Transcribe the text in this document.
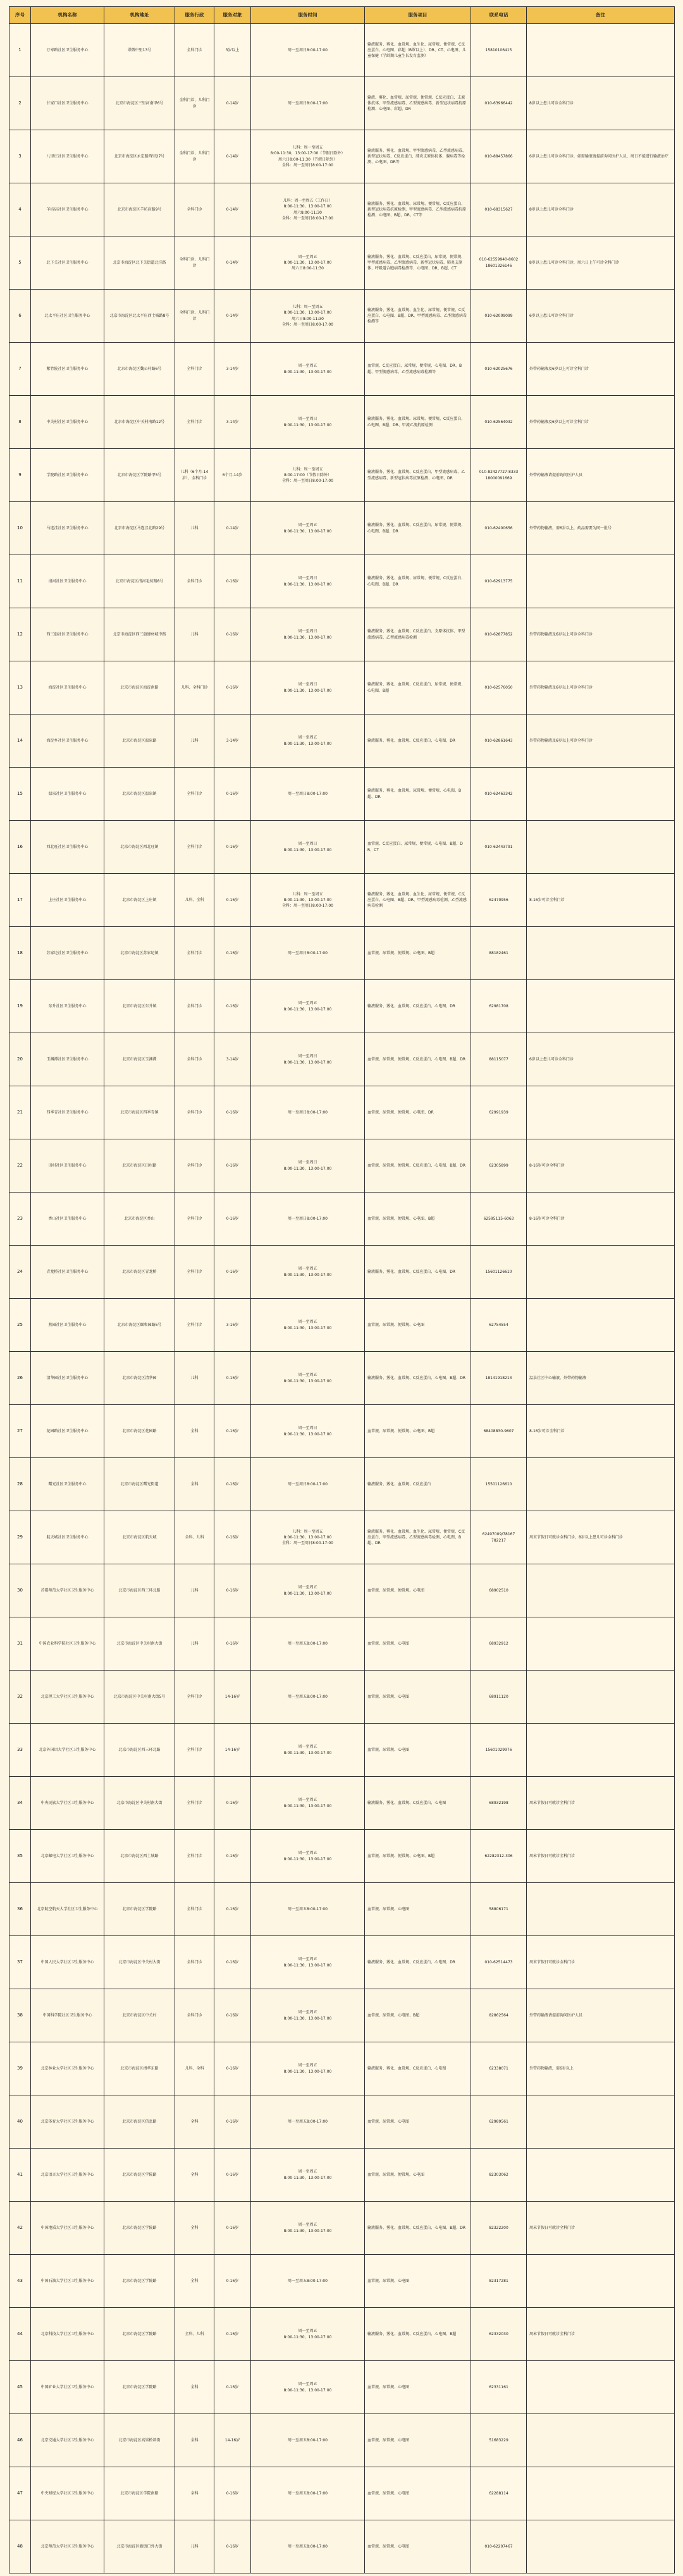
序号	机构名称	机构地址	服务行政	服务对象	服务时间	服务项目	联系电话	备注
1	万寿路社区卫生服务中心	翠微中里13号	全科门诊	3岁以上	周一至周日8:00-17:00	输液服务、雾化、血常规、血生化、尿常规、便常规、C反应蛋白、心电图、彩超（B罩以上）、DR、CT、心电图、儿童保健（学龄期儿童生长发育监测）	15810106415	
2	甘家口社区卫生服务中心	北京市海淀区三里河南甲6号	全科门诊、儿科门诊	0-14岁	周一至周日8:00-17:00	输液、雾化、血常规、尿常规、便常规、C反应蛋白、支原体抗体、甲型流感病毒、乙型流感病毒、新型冠状病毒抗原检测、心电图、彩超、DR	010-63966442	8岁以上患儿可诊全科门诊
3	八里庄社区卫生服务中心	北京市海淀区永定路西里27号	全科门诊、儿科门诊	0-14岁	儿科：周一至周五
8:00-11:30，13:00-17:00（节假日除外）
周六日8:00-11:30（节假日除外）
全科：周一至周日8:00-17:00	输液服务、雾化、血常规、甲型流感病毒、乙型流感病毒、新型冠状病毒、C反应蛋白、肺炎支原体抗体、腺病毒等检测、心电图、DR等	010-88457866	6岁以上患儿可诊全科门诊，如需输液请提前询问医护人员，周日不能进行输液治疗
4	羊坊店社区卫生服务中心	北京市海淀区羊坊店路9号	全科门诊	0-14岁	儿科：周一至周五（工作日）
8:00-11:30，13:00-17:00
周六8:00-11:30
全科：周一至周日8:00-17:00	输液服务、雾化、血常规、尿常规、便常规、C反应蛋白、新型冠状病毒抗原检测、甲型流感病毒、乙型流感病毒抗原检测、心电图、B超、DR、CT等	010-68315627	8岁以上患儿可诊全科门诊
5	北下关社区卫生服务中心	北京市海淀区北下关街道北洼路	全科门诊、儿科门诊	0-14岁	周一至周五
8:00-11:30，13:00-17:00
周六日8:00-11:30	输液服务、雾化、血常规、C反应蛋白、尿常规、便常规、甲型流感病毒、乙型流感病毒、新型冠状病毒、肺炎支原体、呼吸道合胞病毒检测等、心电图、DR、B超、CT	010-62559940-8602
18601326146	8岁以上患儿可诊全科门诊，周六日上午可诊全科门诊
6	北太平庄社区卫生服务中心	北京市海淀区北太平庄西土城路8号	全科门诊、儿科门诊	0-14岁	儿科：周一至周五
8:00-11:30，13:00-17:00
周六日8:00-11:30
全科：周一至周日8:00-17:00	输液服务、雾化、血常规、血生化、尿常规、便常规、C反应蛋白、心电图、B超、DR、甲型流感病毒、乙型流感病毒检测等	010-62009099	6岁以上患儿可诊全科门诊
7	紫竹院社区卫生服务中心	北京市海淀区魏公村路6号	全科门诊	3-14岁	周一至周五
8:00-11:30，13:00-17:00	血常规、C反应蛋白、尿常规、便常规、心电图、DR、B超、甲型流感病毒、乙型流感病毒检测等	010-62025676	外带药输液及6岁以上可诊全科门诊
8	中关村社区卫生服务中心	北京市海淀区中关村南路12号	全科门诊	3-14岁	周一至周日
8:00-11:30，13:00-17:00	输液服务、雾化、血常规、尿常规、便常规、C反应蛋白、心电图、B超、DR、甲流乙流抗原检测	010-62564032	外带药输液及6岁以上可诊全科门诊
9	学院路社区卫生服务中心	北京市海淀区学院路甲5号	儿科（6个月-14岁）、全科门诊	6个月-14岁	儿科：周一至周五
8:00-17:00（节假日除外）
全科：周一至周日8:00-17:00	输液服务、雾化、血常规、C反应蛋白、甲型流感病毒、乙型流感病毒、新型冠状病毒抗原检测、心电图、DR	010-82427727-8333
18000091669	外带药输液请提前询问医护人员
10	马连洼社区卫生服务中心	北京市海淀区马连洼北路29号	儿科	0-14岁	周一至周五
8:00-11:30，13:00-17:00	输液服务、雾化、血常规、C反应蛋白、尿常规、便常规、心电图、B超、DR	010-62400656	外带药物输液，需6岁以上，药品需要为同一批号
11	清河社区卫生服务中心	北京市海淀区清河毛纺路8号	全科门诊	0-16岁	周一至周日
8:00-11:30，13:00-17:00	输液服务、雾化、血常规、尿常规、便常规、C反应蛋白、心电图、B超、DR	010-62913775	
12	西三旗社区卫生服务中心	北京市海淀区西三旗建材城中路	儿科	0-16岁	周一至周日
8:00-11:30，13:00-17:00	输液服务、雾化、血常规、C反应蛋白、支原体抗体、甲型流感病毒、乙型流感病毒检测	010-62877852	外带药物输液及6岁以上可诊全科门诊
13	海淀社区卫生服务中心	北京市海淀区海淀南路	儿科、全科门诊	0-16岁	周一至周日
8:00-11:30，13:00-17:00	输液服务、雾化、血常规、C反应蛋白、尿常规、便常规、心电图、B超	010-62576050	外带药物输液及6岁以上可诊全科门诊
14	海淀乡社区卫生服务中心	北京市海淀区温泉路	儿科	3-14岁	周一至周五
8:00-11:30，13:00-17:00	输液服务、雾化、血常规、C反应蛋白、心电图、DR	010-62861643	外带药物输液及6岁以上可诊全科门诊
15	温泉社区卫生服务中心	北京市海淀区温泉镇	全科门诊	0-16岁	周一至周日8:00-17:00	输液服务、雾化、血常规、尿常规、便常规、心电图、B超、DR	010-62463342	
16	西北旺社区卫生服务中心	北京市海淀区西北旺镇	全科门诊	0-16岁	周一至周日
8:00-11:30，13:00-17:00	血常规、C反应蛋白、尿常规、便常规、心电图、B超、DR、CT	010-62443791	
17	上庄社区卫生服务中心	北京市海淀区上庄镇	儿科、全科	0-16岁	儿科：周一至周五
8:00-11:30，13:00-17:00
全科：周一至周日8:00-17:00	输液服务、雾化、血常规、血生化、尿常规、便常规、C反应蛋白、心电图、B超、DR、甲型流感病毒检测、乙型流感病毒检测	62470956	8-16岁可诊全科门诊
18	苏家坨社区卫生服务中心	北京市海淀区苏家坨镇	全科门诊	0-16岁	周一至周日8:00-17:00	血常规、尿常规、便常规、心电图、B超	88182461	
19	东升社区卫生服务中心	北京市海淀区东升镇	全科门诊	0-16岁	周一至周五
8:00-11:30，13:00-17:00	输液服务、雾化、血常规、C反应蛋白、心电图、DR	62981708	
20	玉渊潭社区卫生服务中心	北京市海淀区玉渊潭	全科门诊	3-14岁	周一至周日
8:00-11:30，13:00-17:00	血常规、尿常规、便常规、C反应蛋白、心电图、B超、DR	88115077	6岁以上患儿可诊全科门诊
21	四季青社区卫生服务中心	北京市海淀区四季青镇	全科门诊	0-16岁	周一至周日8:00-17:00	血常规、尿常规、便常规、心电图、DR	62991939	
22	田村社区卫生服务中心	北京市海淀区田村路	全科门诊	0-16岁	周一至周日
8:00-11:30，13:00-17:00	血常规、尿常规、便常规、C反应蛋白、心电图、B超、DR	62305899	8-16岁可诊全科门诊
23	香山社区卫生服务中心	北京市海淀区香山	全科门诊	0-16岁	周一至周日8:00-17:00	血常规、尿常规、便常规、心电图、B超	62595115-6063	8-16岁可诊全科门诊
24	青龙桥社区卫生服务中心	北京市海淀区青龙桥	全科门诊	0-16岁	周一至周五
8:00-11:30，13:00-17:00	输液服务、雾化、血常规、C反应蛋白、心电图、DR	15601126610	
25	燕园社区卫生服务中心	北京市海淀区颐和园路5号	全科门诊	3-16岁	周一至周五
8:00-11:30，13:00-17:00	血常规、尿常规、便常规、心电图	62754554	
26	清华园社区卫生服务中心	北京市海淀区清华园	儿科	0-16岁	周一至周五
8:00-11:30，13:00-17:00	输液服务、雾化、血常规、C反应蛋白、心电图、B超、DR	18141918213	温泉社区中心输液，外带药物输液
27	花园路社区卫生服务中心	北京市海淀区花园路	全科	0-16岁	周一至周日
8:00-11:30，13:00-17:00	血常规、尿常规、便常规、心电图、B超	68408830-9607	8-16岁可诊全科门诊
28	曙光社区卫生服务中心	北京市海淀区曙光街道	全科	0-16岁	周一至周日8:00-17:00	输液服务、雾化、血常规、C反应蛋白	15501126610	
29	航天城社区卫生服务中心	北京市海淀区航天城	全科、儿科	0-16岁	儿科：周一至周五
8:00-11:30，13:00-17:00
全科：周一至周日8:00-17:00	输液服务、雾化、血常规、血生化、尿常规、便常规、C反应蛋白、甲型流感病毒、乙型流感病毒检测、心电图、B超、DR	62497009/78167
782217	周末节假日可就诊全科门诊，8岁以上患儿可诊全科门诊
30	首都师范大学社区卫生服务中心	北京市海淀区西三环北路	儿科	0-16岁	周一至周五
8:00-11:30，13:00-17:00	血常规、尿常规、便常规、心电图	68902510	
31	中国农业科学院社区卫生服务中心	北京市海淀区中关村南大街	儿科	0-16岁	周一至周五8:00-17:00	血常规、尿常规、心电图	68932912	
32	北京理工大学社区卫生服务中心	北京市海淀区中关村南大街5号	全科门诊	14-16岁	周一至周五8:00-17:00	血常规、尿常规、心电图	68911120	
33	北京外国语大学社区卫生服务中心	北京市海淀区西三环北路	全科门诊	14-16岁	周一至周五
8:00-11:30，13:00-17:00	血常规、尿常规、心电图	15601029976	
34	中央民族大学社区卫生服务中心	北京市海淀区中关村南大街	全科门诊	0-16岁	周一至周五
8:00-11:30，13:00-17:00	输液服务、雾化、血常规、C反应蛋白、心电图	68932198	周末节假日可就诊全科门诊
35	北京邮电大学社区卫生服务中心	北京市海淀区西土城路	全科门诊	0-16岁	周一至周五
8:00-11:30，13:00-17:00	血常规、尿常规、便常规、心电图、B超	62282312-306	周末节假日可就诊全科门诊
36	北京航空航天大学社区卫生服务中心	北京市海淀区学院路	全科门诊	0-16岁	周一至周五8:00-17:00	血常规、尿常规、心电图	58806171	
37	中国人民大学社区卫生服务中心	北京市海淀区中关村大街	全科门诊	0-16岁	周一至周五
8:00-11:30，13:00-17:00	输液服务、雾化、血常规、C反应蛋白、心电图、DR	010-62514473	周末节假日可就诊全科门诊
38	中国科学院社区卫生服务中心	北京市海淀区中关村	全科门诊	0-16岁	周一至周五
8:00-11:30，13:00-17:00	血常规、尿常规、心电图、B超	82862564	外带药输液请提前询问医护人员
39	北京林业大学社区卫生服务中心	北京市海淀区清华东路	儿科、全科	0-16岁	周一至周五
8:00-11:30，13:00-17:00	输液服务、雾化、血常规、C反应蛋白、心电图	62338071	外带药物输液，需6岁以上
40	北京体育大学社区卫生服务中心	北京市海淀区信息路	全科	0-16岁	周一至周五8:00-17:00	血常规、尿常规、心电图	62989561	
41	北京语言大学社区卫生服务中心	北京市海淀区学院路	全科	0-16岁	周一至周五
8:00-11:30，13:00-17:00	血常规、尿常规、便常规、心电图	82303062	
42	中国地质大学社区卫生服务中心	北京市海淀区学院路	全科	0-16岁	周一至周五
8:00-11:30，13:00-17:00	输液服务、雾化、血常规、C反应蛋白、心电图、B超、DR	82322200	周末节假日可就诊全科门诊
43	中国石油大学社区卫生服务中心	北京市海淀区学院路	全科	0-16岁	周一至周五8:00-17:00	血常规、尿常规、心电图	82317281	
44	北京科技大学社区卫生服务中心	北京市海淀区学院路	全科、儿科	0-16岁	周一至周五
8:00-11:30，13:00-17:00	输液服务、雾化、血常规、C反应蛋白、心电图、B超	62332030	周末节假日可就诊全科门诊
45	中国矿业大学社区卫生服务中心	北京市海淀区学院路	全科	0-16岁	周一至周五
8:00-11:30，13:00-17:00	血常规、尿常规、心电图	62331161	
46	北京交通大学社区卫生服务中心	北京市海淀区高梁桥斜街	全科	14-16岁	周一至周五8:00-17:00	血常规、尿常规、心电图	51683229	
47	中央财经大学社区卫生服务中心	北京市海淀区学院南路	全科	0-16岁	周一至周五8:00-17:00	血常规、尿常规、心电图	62288114	
48	北京师范大学社区卫生服务中心	北京市海淀区新街口外大街	儿科	0-16岁	周一至周五8:00-17:00	血常规、尿常规、心电图	010-62207467	
